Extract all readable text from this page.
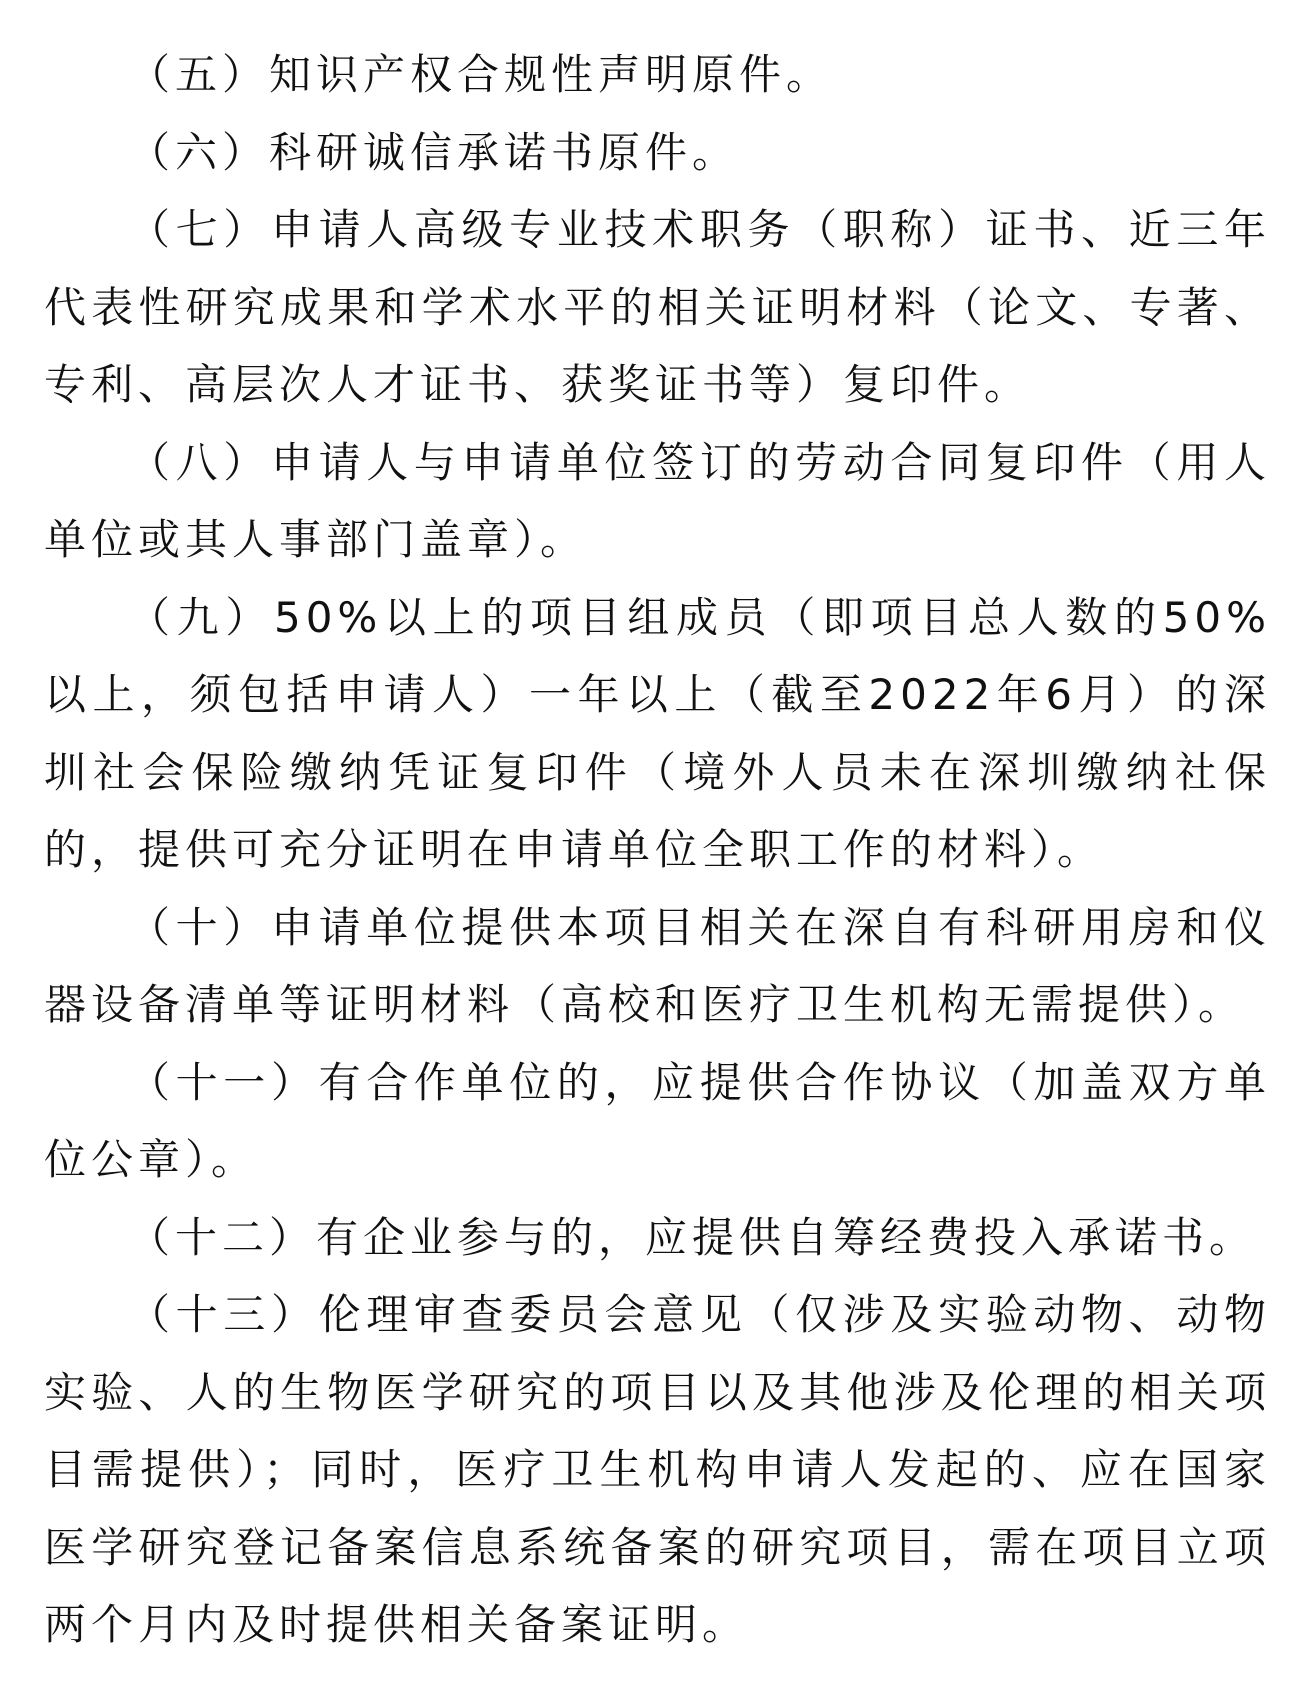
（五）知识产权合规性声明原件。

（六）科研诚信承诺书原件。

（七）申请人高级专业技术职务（职称）证书、近三年代表性研究成果和学术水平的相关证明材料（论文、专著、专利、高层次人才证书、获奖证书等）复印件。

（八）申请人与申请单位签订的劳动合同复印件（用人单位或其人事部门盖章）。

（九）50%以上的项目组成员（即项目总人数的50%以上，须包括申请人）一年以上（截至2022年6月）的深圳社会保险缴纳凭证复印件（境外人员未在深圳缴纳社保的，提供可充分证明在申请单位全职工作的材料）。

（十）申请单位提供本项目相关在深自有科研用房和仪器设备清单等证明材料（高校和医疗卫生机构无需提供）。

（十一）有合作单位的，应提供合作协议（加盖双方单位公章）。

（十二）有企业参与的，应提供自筹经费投入承诺书。

（十三）伦理审查委员会意见（仅涉及实验动物、动物实验、人的生物医学研究的项目以及其他涉及伦理的相关项目需提供）；同时，医疗卫生机构申请人发起的、应在国家医学研究登记备案信息系统备案的研究项目，需在项目立项两个月内及时提供相关备案证明。
